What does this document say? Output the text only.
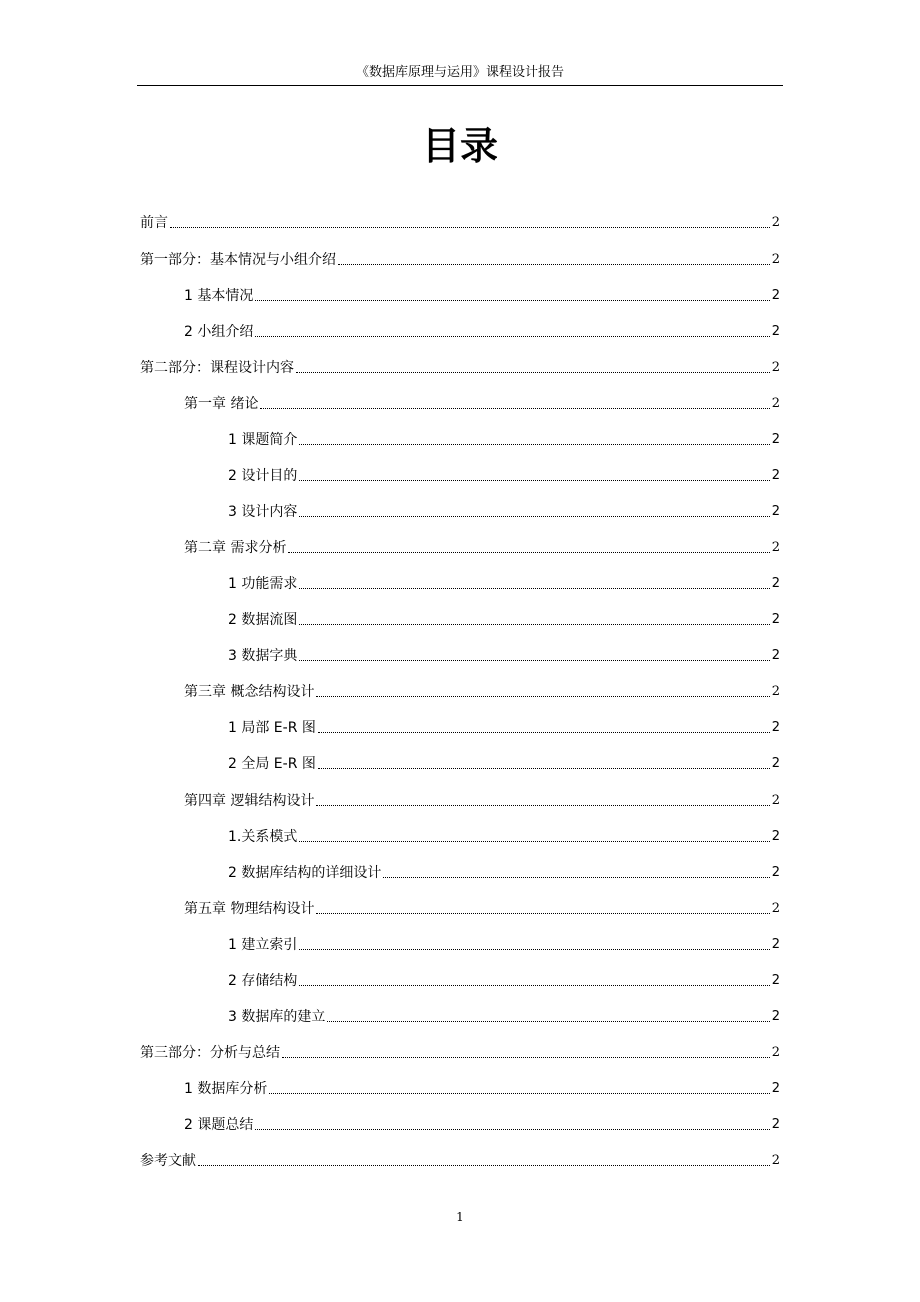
《数据库原理与运用》课程设计报告
目录
前言	2
第一部分：基本情况与小组介绍	2
1 基本情况	2
2 小组介绍	2
第二部分：课程设计内容	2
第一章 绪论	2
1 课题简介	2
2 设计目的	2
3 设计内容	2
第二章 需求分析	2
1 功能需求	2
2 数据流图	2
3 数据字典	2
第三章 概念结构设计	2
1 局部 E-R 图	2
2 全局 E-R 图	2
第四章 逻辑结构设计	2
1.关系模式	2
2 数据库结构的详细设计	2
第五章 物理结构设计	2
1 建立索引	2
2 存储结构	2
3 数据库的建立	2
第三部分：分析与总结	2
1 数据库分析	2
2 课题总结	2
参考文献	2
1
